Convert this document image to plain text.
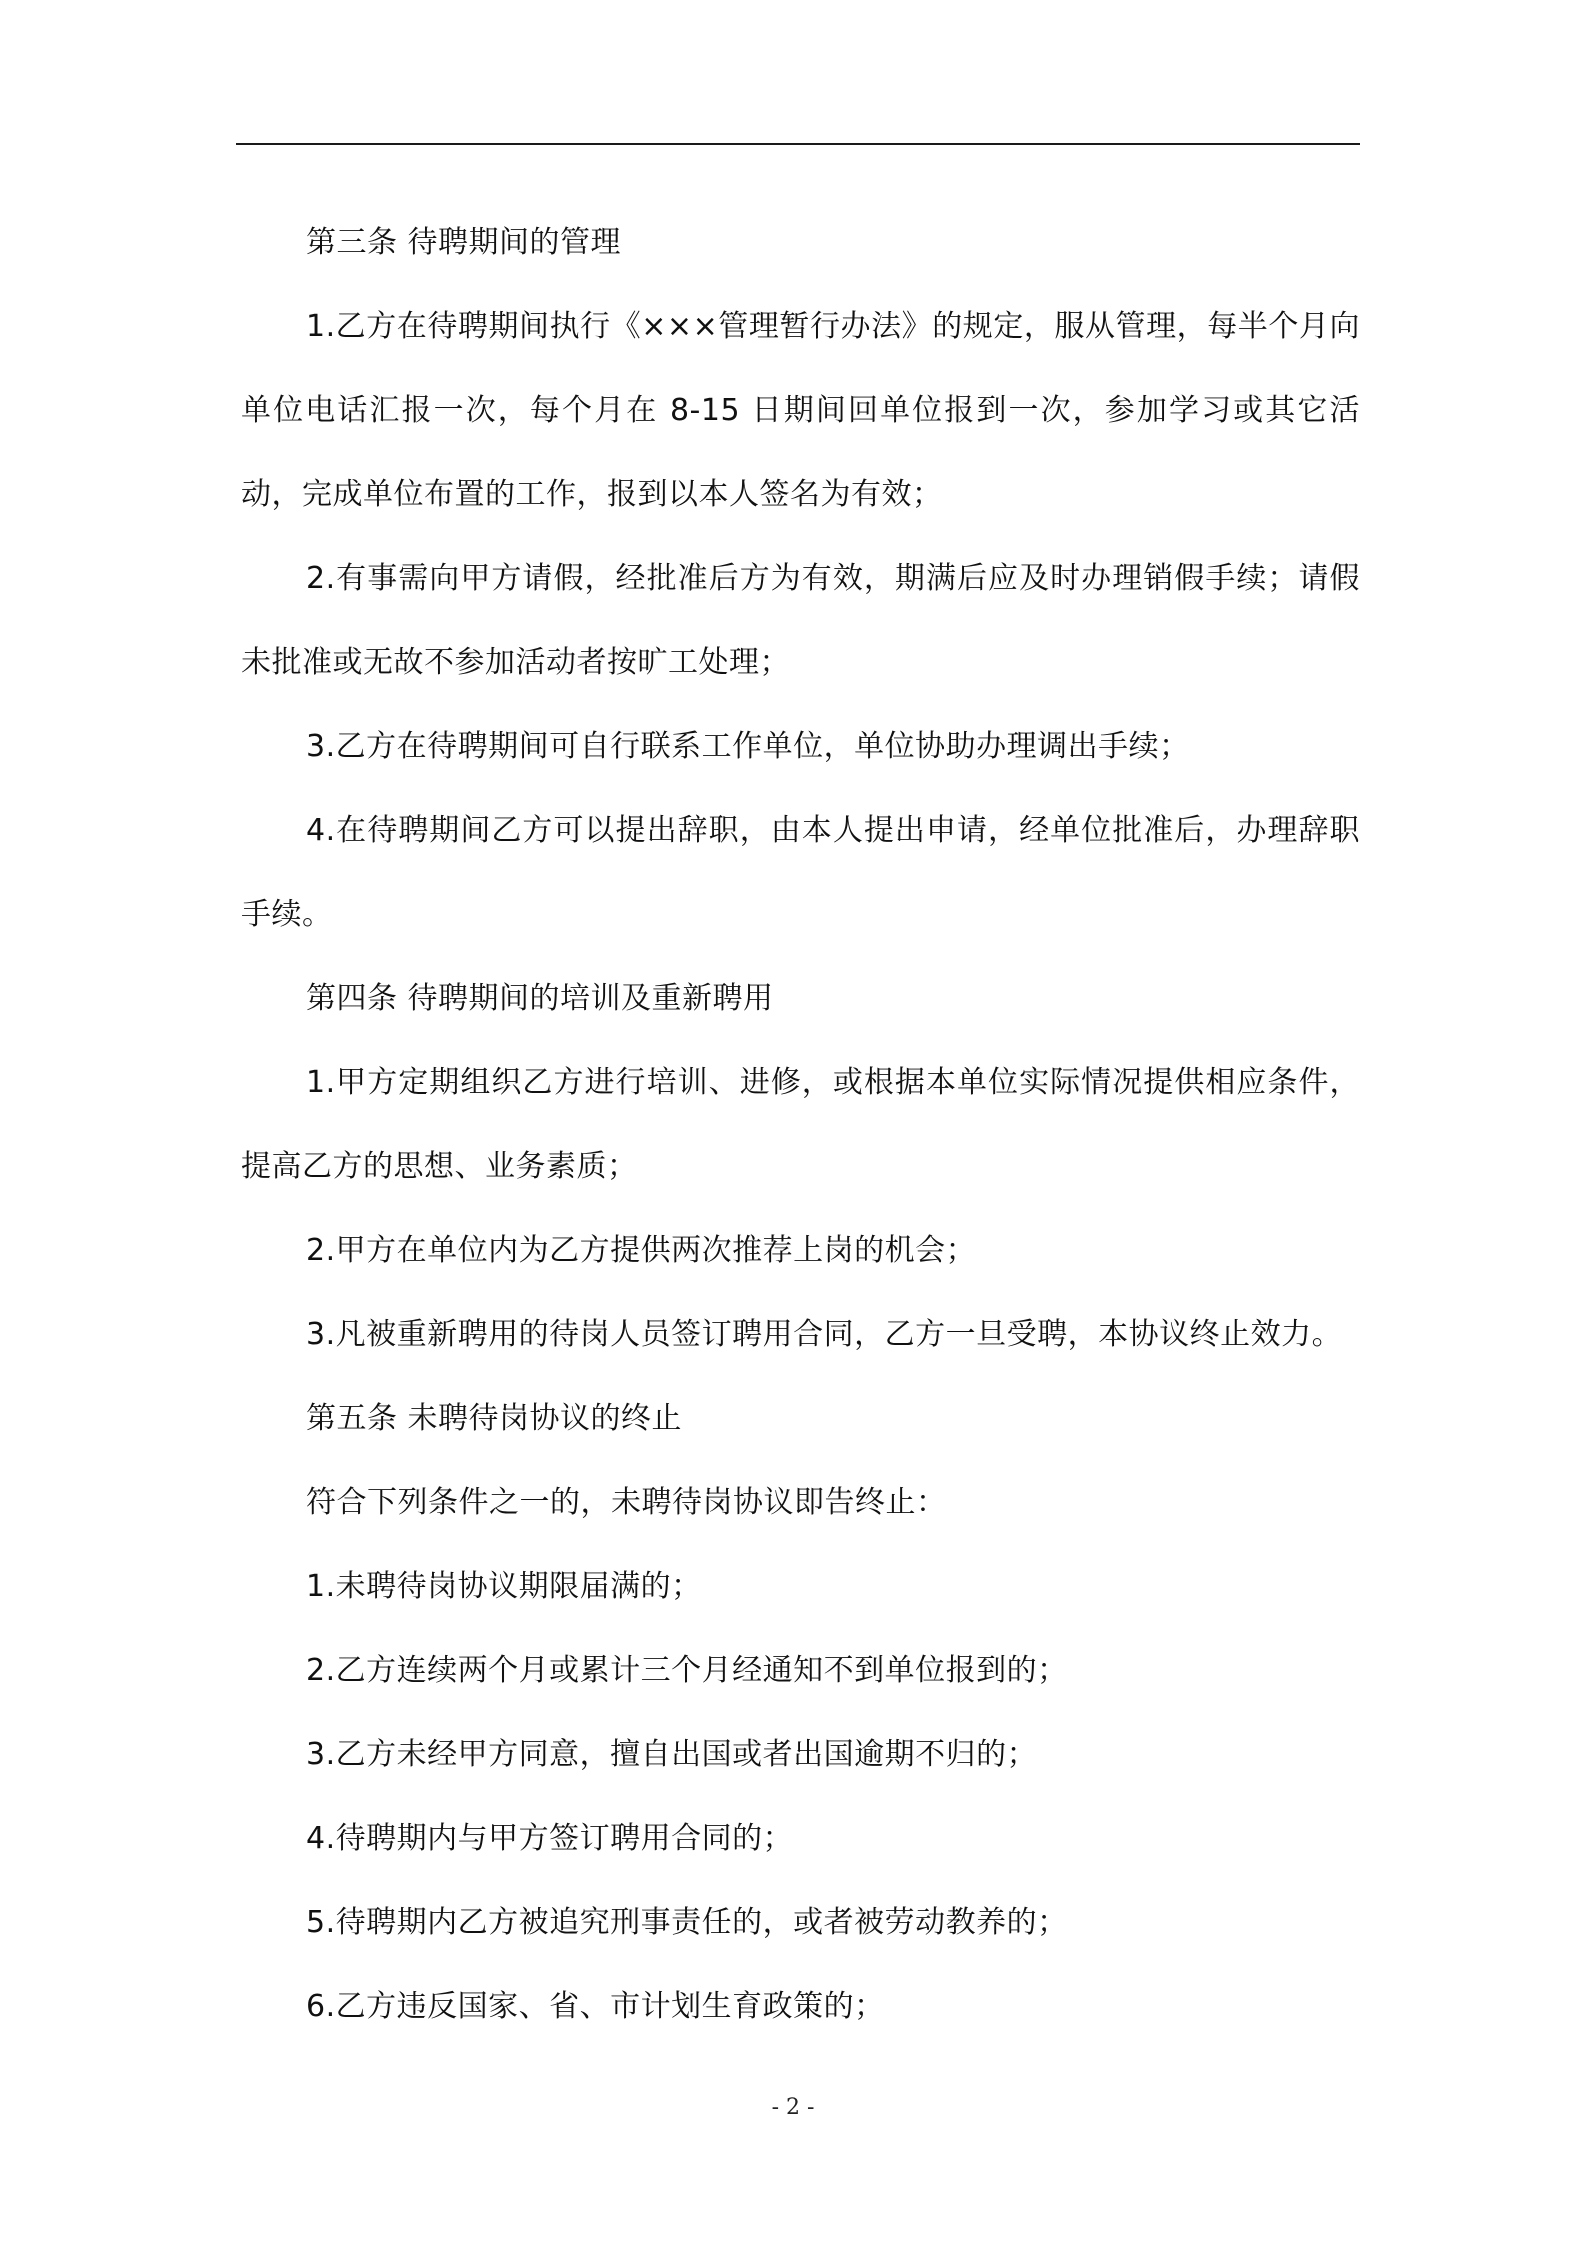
第三条 待聘期间的管理

1.乙方在待聘期间执行《×××管理暂行办法》的规定，服从管理，每半个月向单位电话汇报一次，每个月在 8-15 日期间回单位报到一次，参加学习或其它活动，完成单位布置的工作，报到以本人签名为有效；

2.有事需向甲方请假，经批准后方为有效，期满后应及时办理销假手续；请假未批准或无故不参加活动者按旷工处理；

3.乙方在待聘期间可自行联系工作单位，单位协助办理调出手续；

4.在待聘期间乙方可以提出辞职，由本人提出申请，经单位批准后，办理辞职手续。

第四条 待聘期间的培训及重新聘用

1.甲方定期组织乙方进行培训、进修，或根据本单位实际情况提供相应条件，提高乙方的思想、业务素质；

2.甲方在单位内为乙方提供两次推荐上岗的机会；

3.凡被重新聘用的待岗人员签订聘用合同，乙方一旦受聘，本协议终止效力。

第五条 未聘待岗协议的终止

符合下列条件之一的，未聘待岗协议即告终止：

1.未聘待岗协议期限届满的；

2.乙方连续两个月或累计三个月经通知不到单位报到的；

3.乙方未经甲方同意，擅自出国或者出国逾期不归的；

4.待聘期内与甲方签订聘用合同的；

5.待聘期内乙方被追究刑事责任的，或者被劳动教养的；

6.乙方违反国家、省、市计划生育政策的；

- 2 -
